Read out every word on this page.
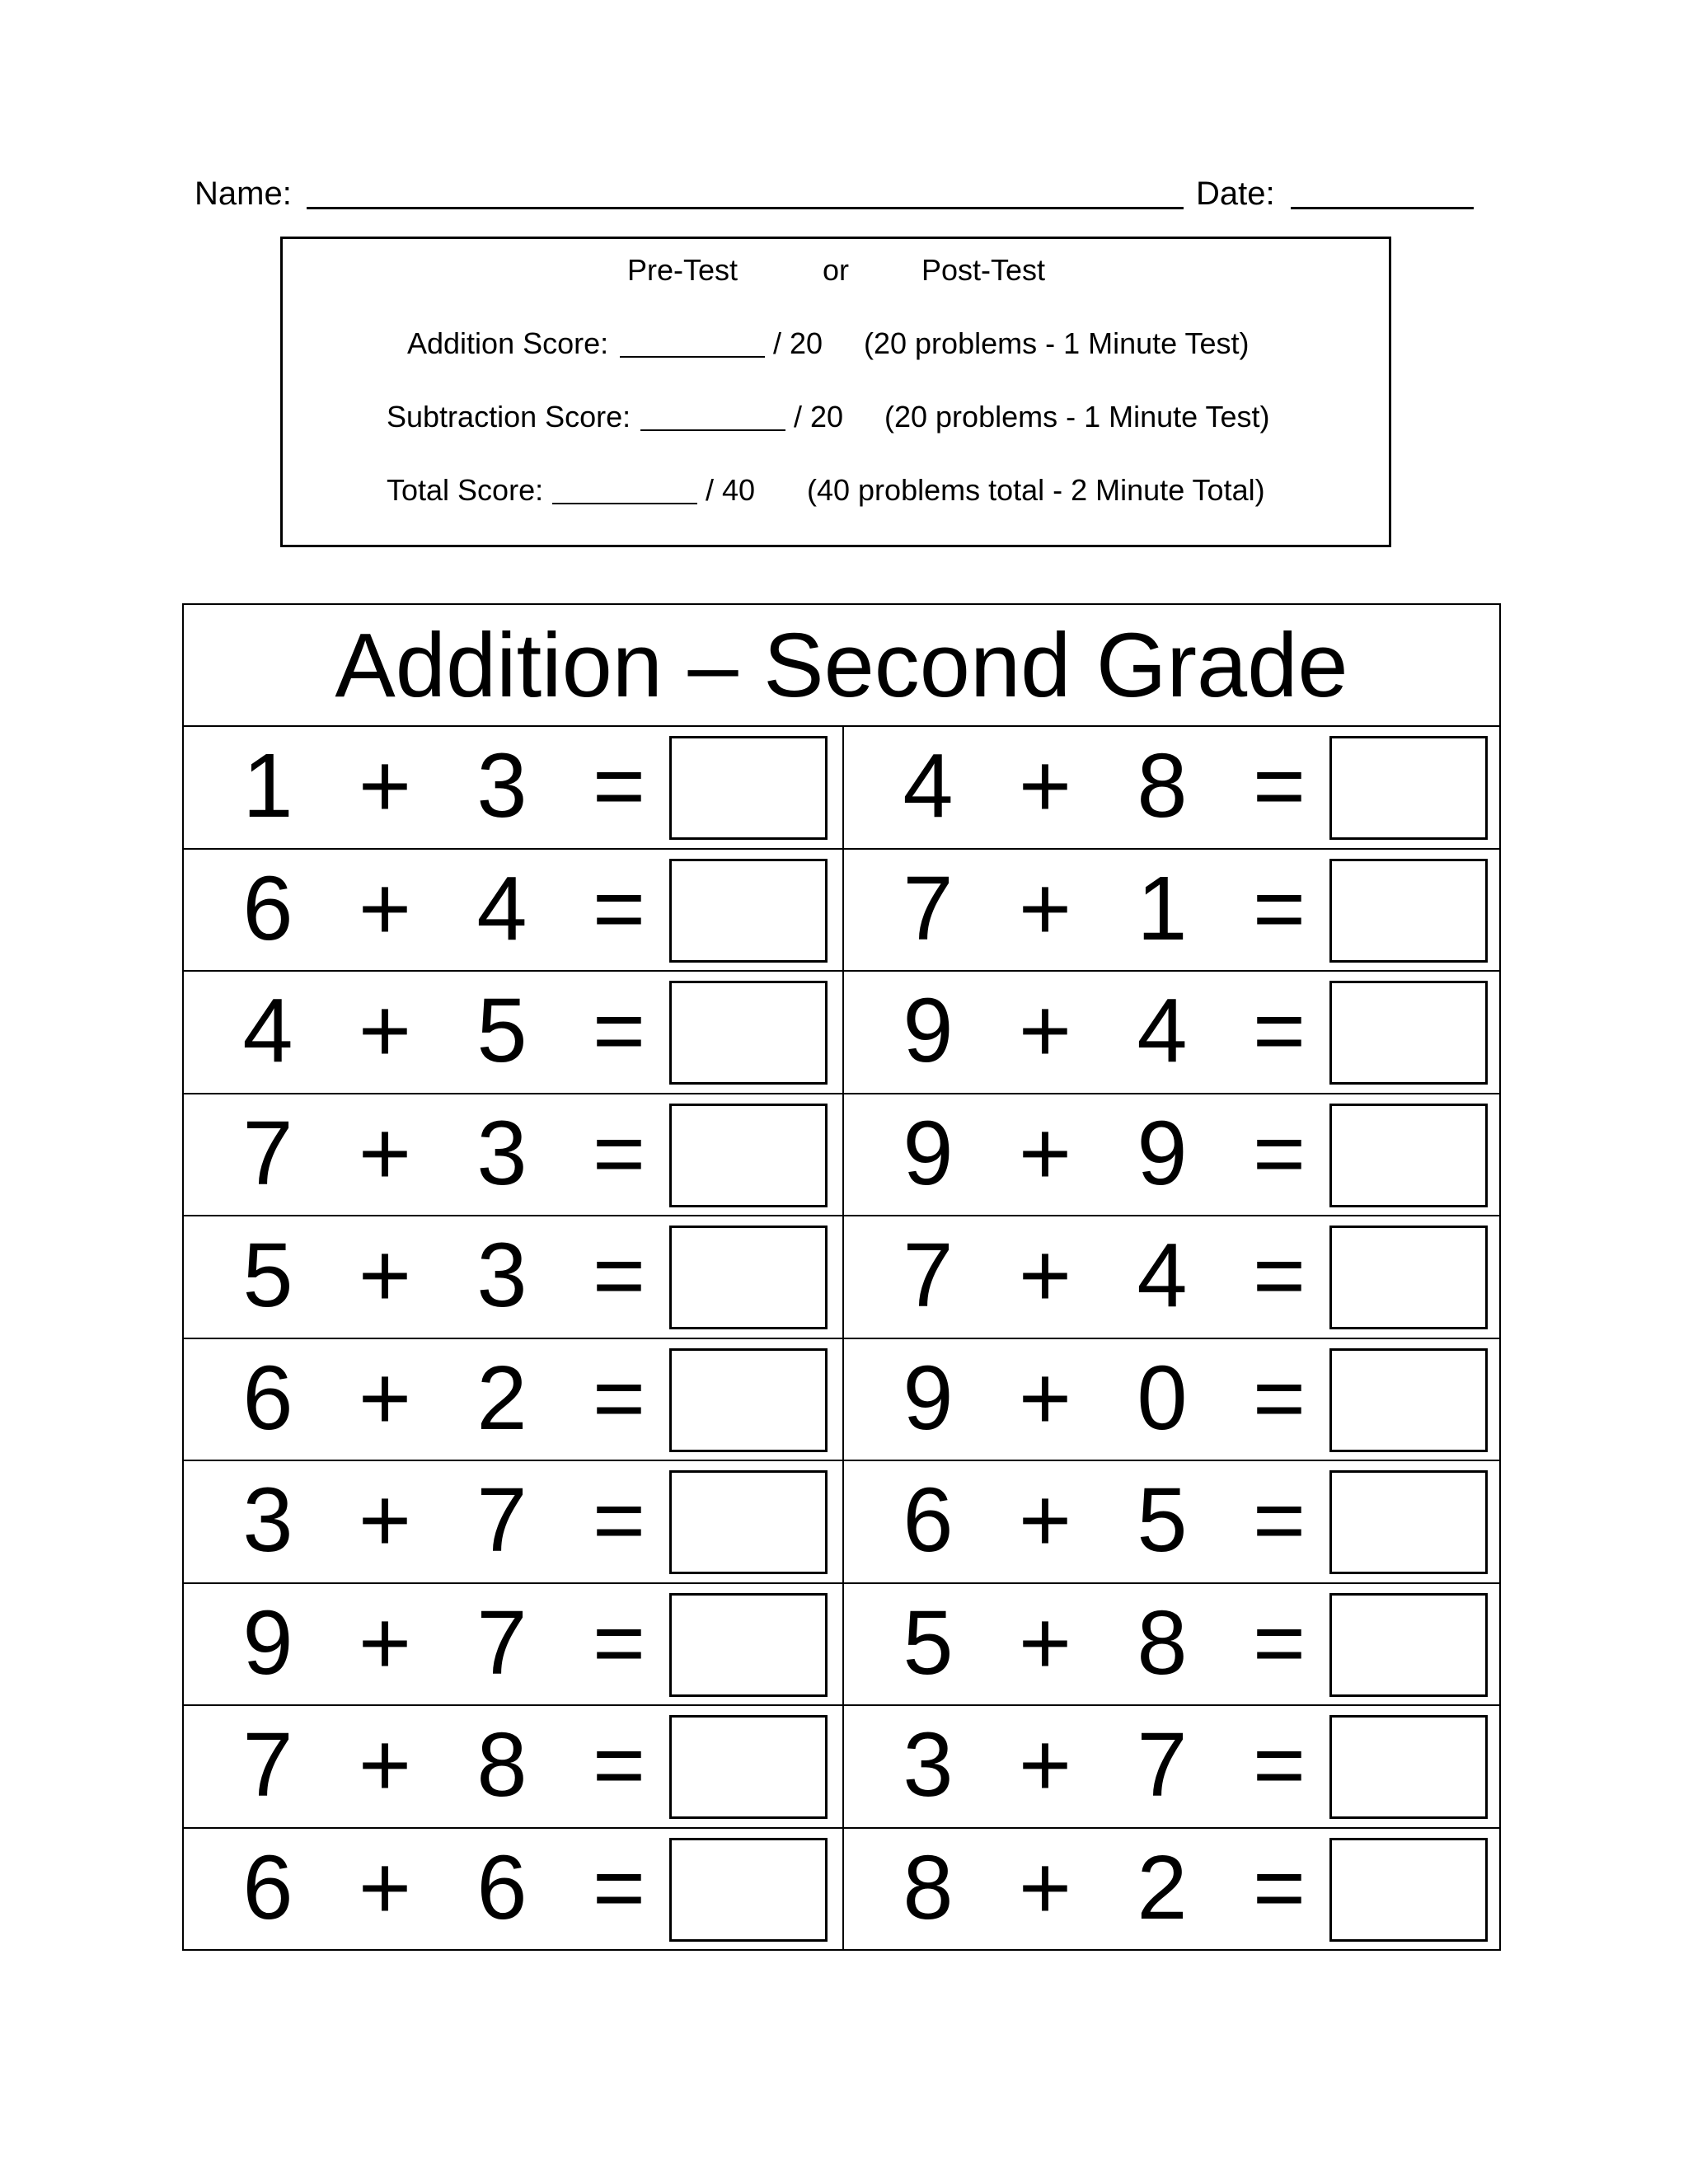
Name:	Date:
Pre-Test	or Post-Test
Addition Score:	/ 20 (20 problems - 1 Minute Test)
Subtraction Score:	/ 20 (20 problems - 1 Minute Test)
Total Score:	/ 40 (40 problems total - 2 Minute Total)
Addition – Second Grade
1 + 3 =	4 + 8 =
6 + 4 =	7 + 1 =
4 + 5 =	9 + 4 =
7 + 3 =	9 + 9 =
5 + 3 =	7 + 4 =
6 + 2 =	9 + 0 =
3 + 7 =	6 + 5 =
9 + 7 =	5 + 8 =
7 + 8 =	3 + 7 =
6 + 6 =	8 + 2 =
